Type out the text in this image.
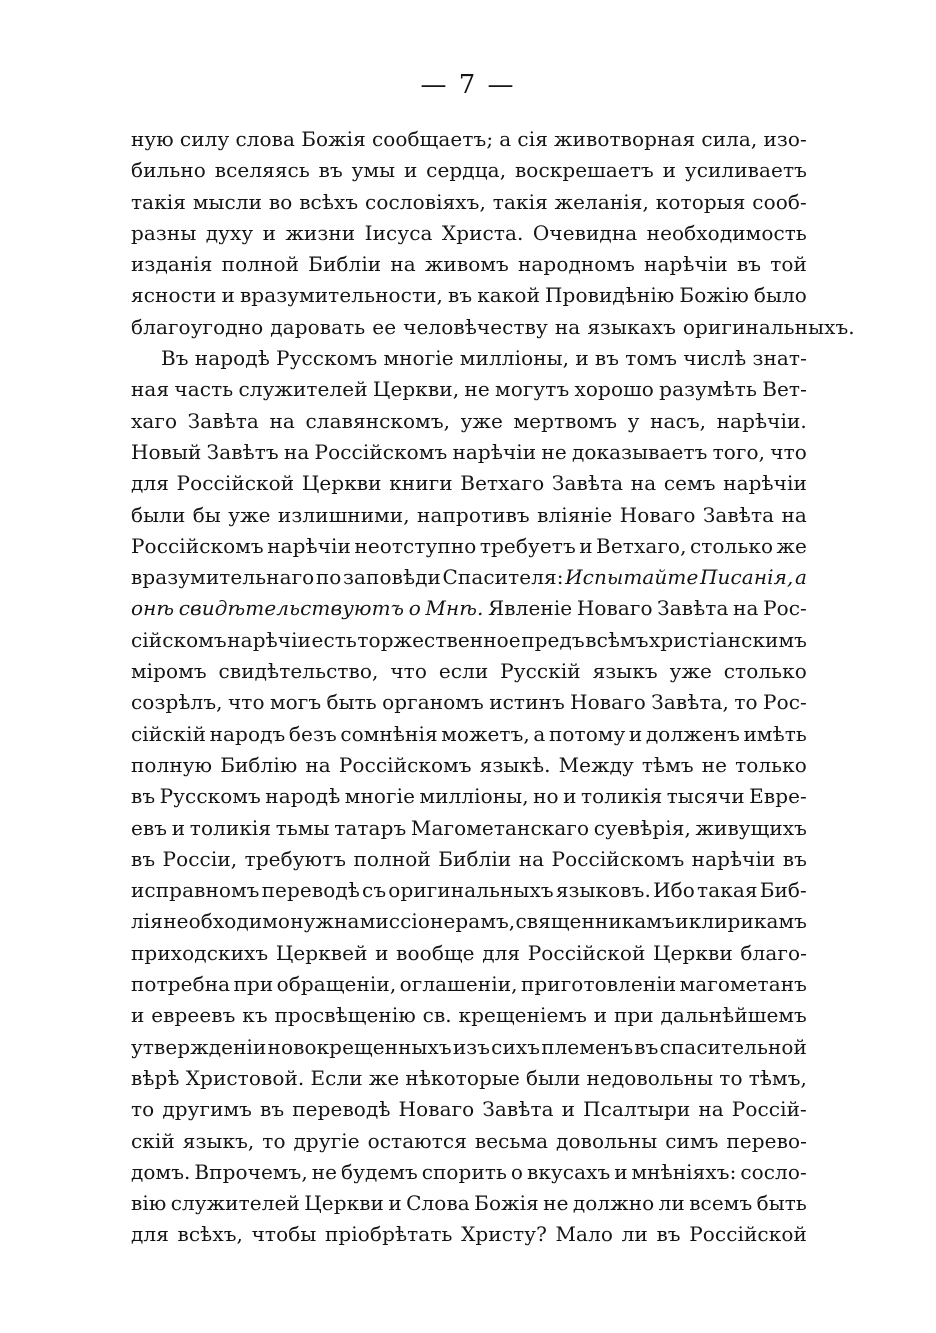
— 7 —
ную силу слова Божія сообщаетъ; а сія животворная сила, изо-
бильно вселяясь въ умы и сердца, воскрешаетъ и усиливаетъ
такія мысли во всѣхъ сословіяхъ, такія желанія, которыя сооб-
разны духу и жизни Іисуса Христа. Очевидна необходимость
изданія полной Библіи на живомъ народномъ нарѣчіи въ той
ясности и вразумительности, въ какой Провидѣнію Божію было
благоугодно даровать ее человѣчеству на языкахъ оригинальныхъ.
Въ народѣ Русскомъ многіе милліоны, и въ томъ числѣ знат-
ная часть служителей Церкви, не могутъ хорошо разумѣть Вет-
хаго Завѣта на славянскомъ, уже мертвомъ у насъ, нарѣчіи.
Новый Завѣтъ на Россійскомъ нарѣчіи не доказываетъ того, что
для Россійской Церкви книги Ветхаго Завѣта на семъ нарѣчіи
были бы уже излишними, напротивъ вліяніе Новаго Завѣта на
Россійскомъ нарѣчіи неотступно требуетъ и Ветхаго, столько же
вразумительнаго по заповѣди Спасителя: Испытайте Писанія, а
онѣ свидѣтельствуютъ о Мнѣ. Явленіе Новаго Завѣта на Рос-
сійскомъ нарѣчіи есть торжественное предъ всѣмъ христіанскимъ
міромъ свидѣтельство, что если Русскій языкъ уже столько
созрѣлъ, что могъ быть органомъ истинъ Новаго Завѣта, то Рос-
сійскій народъ безъ сомнѣнія можетъ, а потому и долженъ имѣть
полную Библію на Россійскомъ языкѣ. Между тѣмъ не только
въ Русскомъ народѣ многіе милліоны, но и толикія тысячи Евре-
евъ и толикія тьмы татаръ Магометанскаго суевѣрія, живущихъ
въ Россіи, требуютъ полной Библіи на Россійскомъ нарѣчіи въ
исправномъ переводѣ съ оригинальныхъ языковъ. Ибо такая Биб-
лія необходимо нужна миссіонерамъ, священникамъ и клирикамъ
приходскихъ Церквей и вообще для Россійской Церкви благо-
потребна при обращеніи, оглашеніи, приготовленіи магометанъ
и евреевъ къ просвѣщенію св. крещеніемъ и при дальнѣйшемъ
утвержденіи новокрещенныхъ изъ сихъ племенъ въ спасительной
вѣрѣ Христовой. Если же нѣкоторые были недовольны то тѣмъ,
то другимъ въ переводѣ Новаго Завѣта и Псалтыри на Россій-
скій языкъ, то другіе остаются весьма довольны симъ перево-
домъ. Впрочемъ, не будемъ спорить о вкусахъ и мнѣніяхъ: сосло-
вію служителей Церкви и Слова Божія не должно ли всемъ быть
для всѣхъ, чтобы пріобрѣтать Христу? Мало ли въ Россійской
